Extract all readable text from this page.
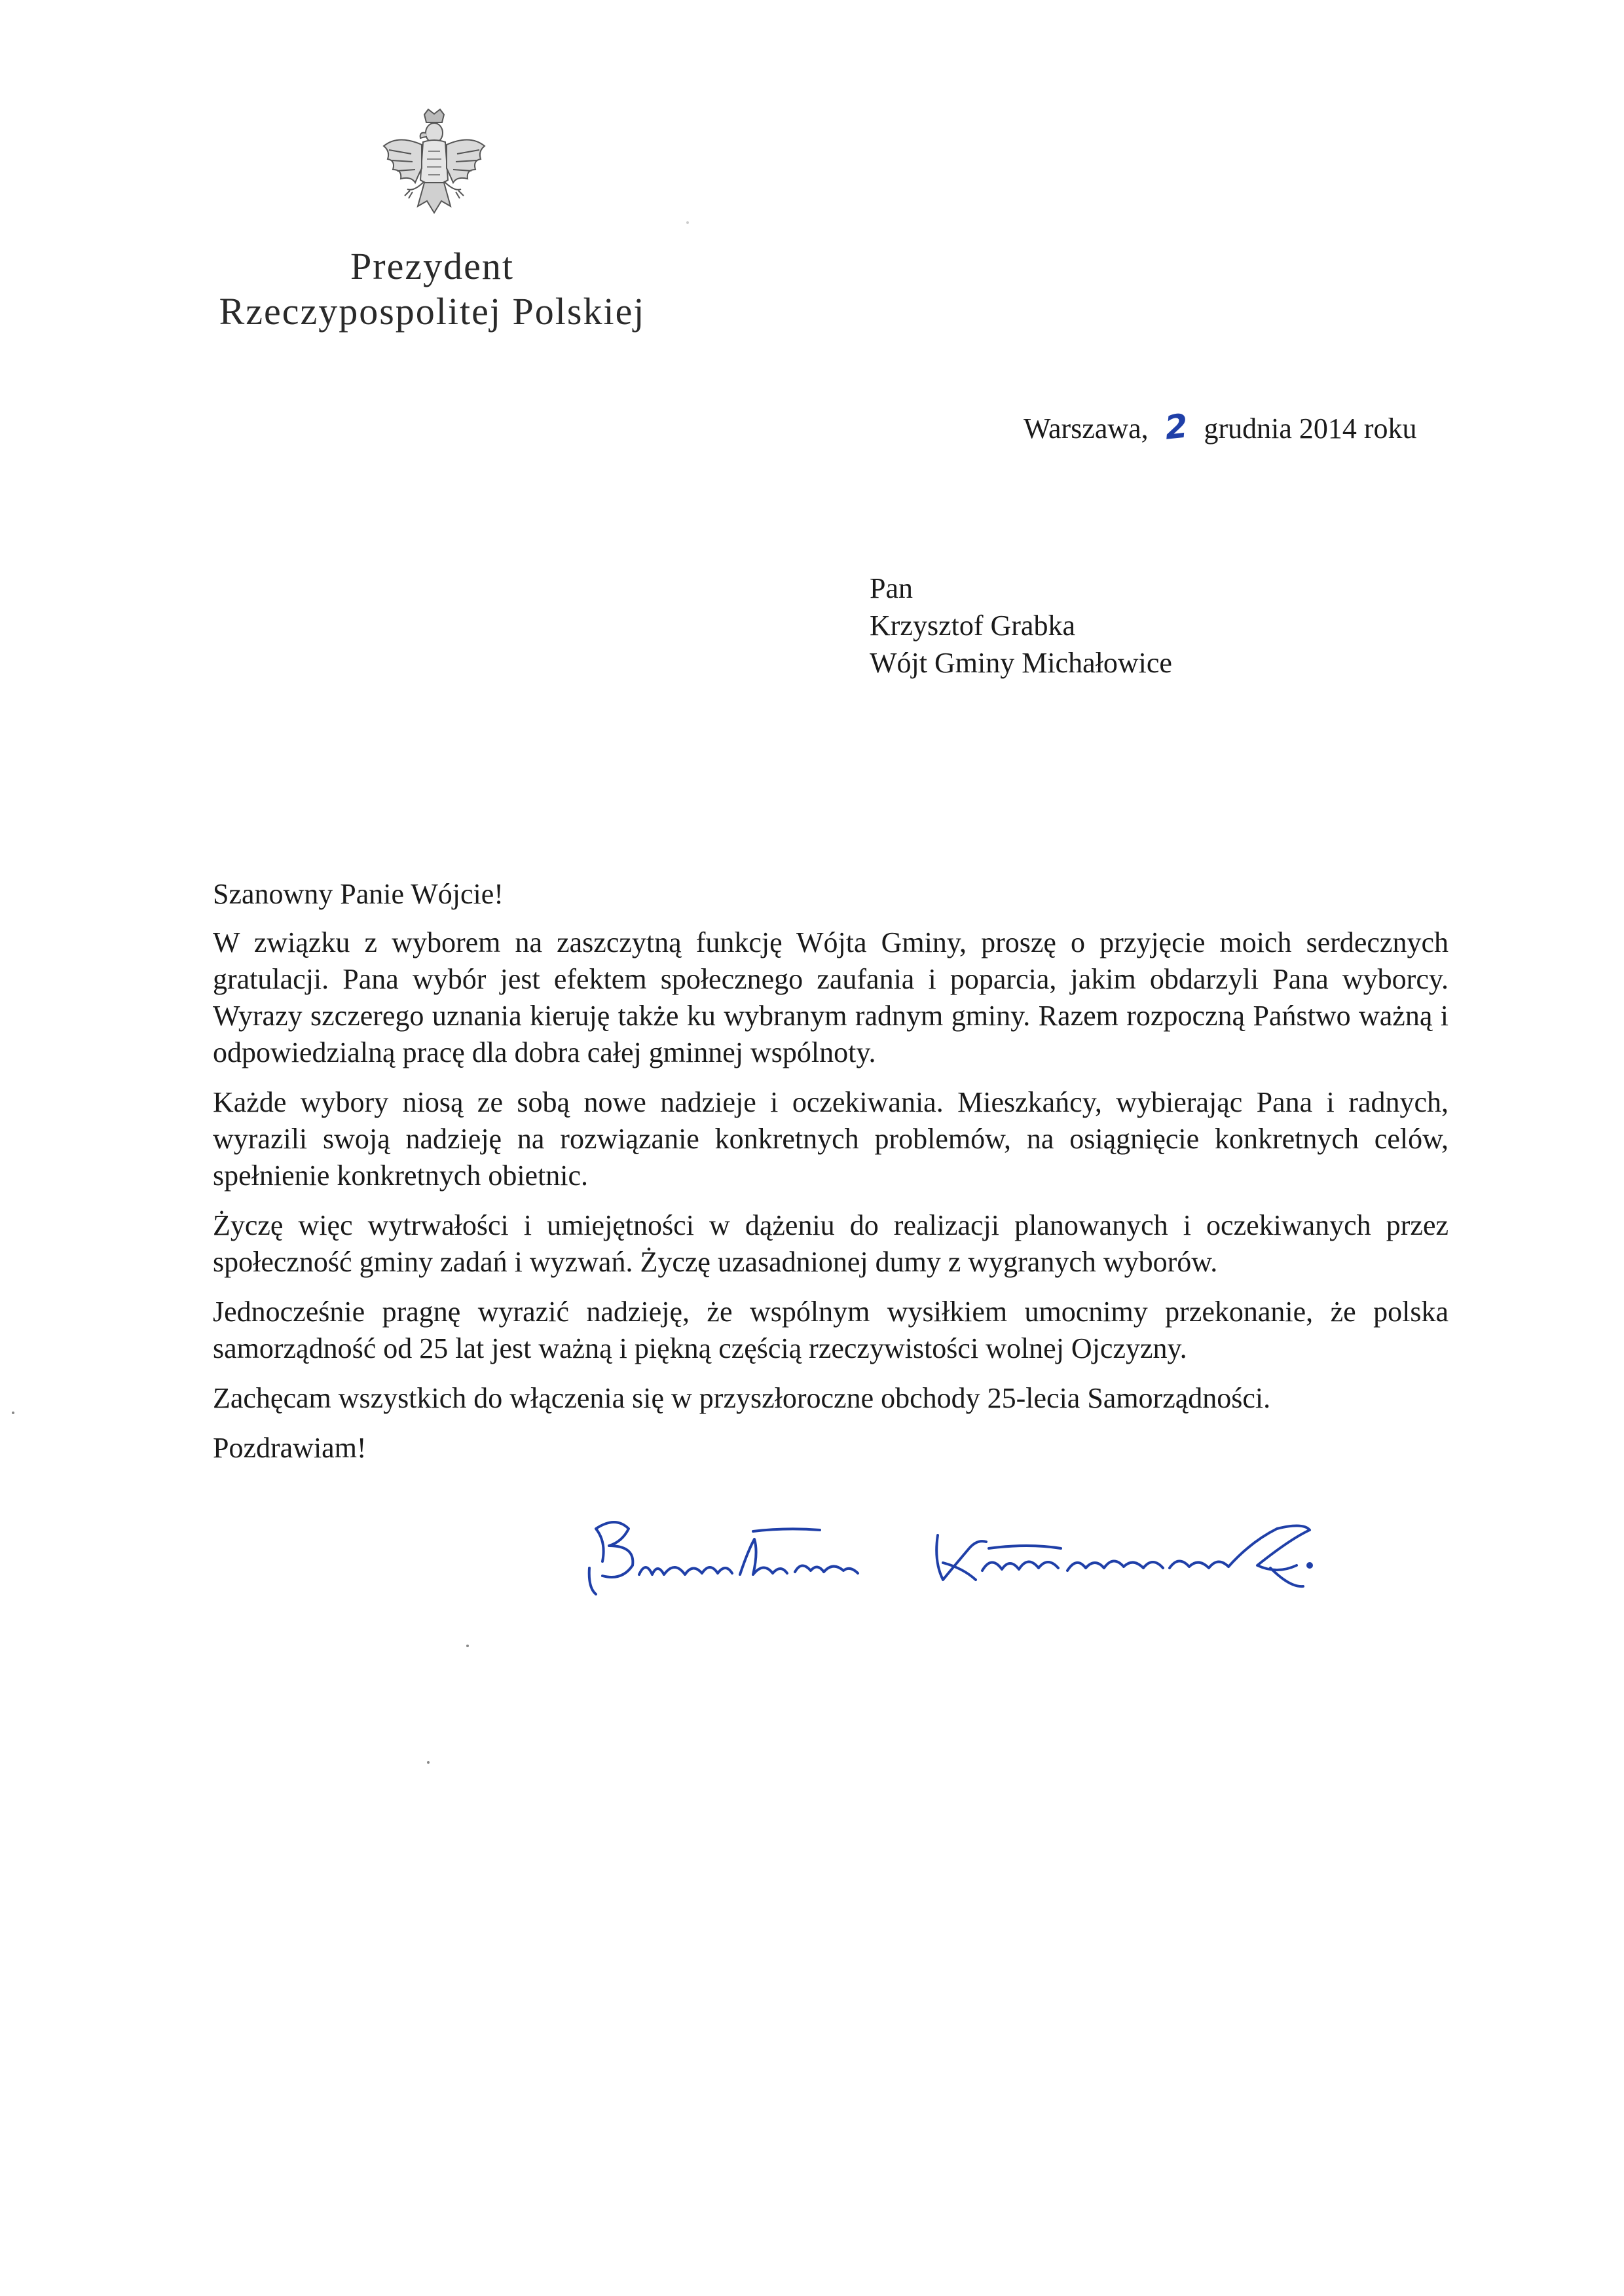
Prezydent
Rzeczypospolitej Polskiej
Warszawa, 2 grudnia 2014 roku
Pan
Krzysztof Grabka
Wójt Gminy Michałowice
Szanowny Panie Wójcie!
W związku z wyborem na zaszczytną funkcję Wójta Gminy, proszę o przyjęcie moich serdecznych gratulacji. Pana wybór jest efektem społecznego zaufania i poparcia, jakim obdarzyli Pana wyborcy. Wyrazy szczerego uznania kieruję także ku wybranym radnym gminy. Razem rozpoczną Państwo ważną i odpowiedzialną pracę dla dobra całej gminnej wspólnoty.
Każde wybory niosą ze sobą nowe nadzieje i oczekiwania. Mieszkańcy, wybierając Pana i radnych, wyrazili swoją nadzieję na rozwiązanie konkretnych problemów, na osiągnięcie konkretnych celów, spełnienie konkretnych obietnic.
Życzę więc wytrwałości i umiejętności w dążeniu do realizacji planowanych i oczekiwanych przez społeczność gminy zadań i wyzwań. Życzę uzasadnionej dumy z wygranych wyborów.
Jednocześnie pragnę wyrazić nadzieję, że wspólnym wysiłkiem umocnimy przekonanie, że polska samorządność od 25 lat jest ważną i piękną częścią rzeczywistości wolnej Ojczyzny.
Zachęcam wszystkich do włączenia się w przyszłoroczne obchody 25-lecia Samorządności.
Pozdrawiam!
